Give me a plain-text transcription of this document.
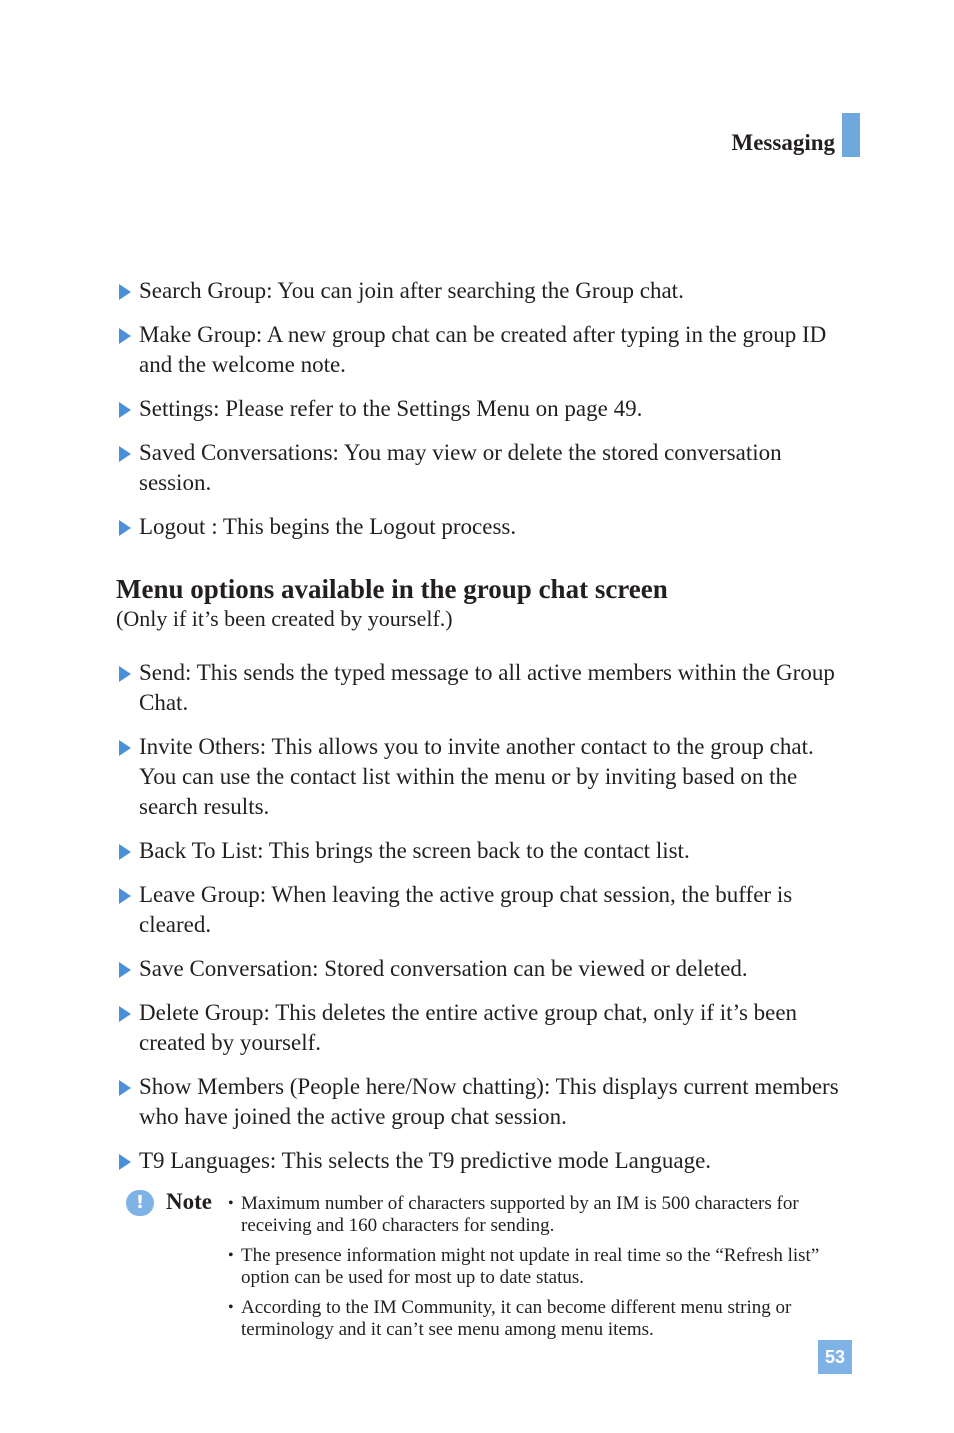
Messaging
Search Group: You can join after searching the Group chat.
Make Group: A new group chat can be created after typing in the group ID and the welcome note.
Settings: Please refer to the Settings Menu on page 49.
Saved Conversations: You may view or delete the stored conversation session.
Logout : This begins the Logout process.
Menu options available in the group chat screen
(Only if it’s been created by yourself.)
Send: This sends the typed message to all active members within the Group Chat.
Invite Others: This allows you to invite another contact to the group chat. You can use the contact list within the menu or by inviting based on the search results.
Back To List: This brings the screen back to the contact list.
Leave Group: When leaving the active group chat session, the buffer is cleared.
Save Conversation: Stored conversation can be viewed or deleted.
Delete Group: This deletes the entire active group chat, only if it’s been created by yourself.
Show Members (People here/Now chatting): This displays current members who have joined the active group chat session.
T9 Languages: This selects the T9 predictive mode Language.
! Note • Maximum number of characters supported by an IM is 500 characters for receiving and 160 characters for sending.
• The presence information might not update in real time so the “Refresh list” option can be used for most up to date status.
• According to the IM Community, it can become different menu string or terminology and it can’t see menu among menu items.
53
